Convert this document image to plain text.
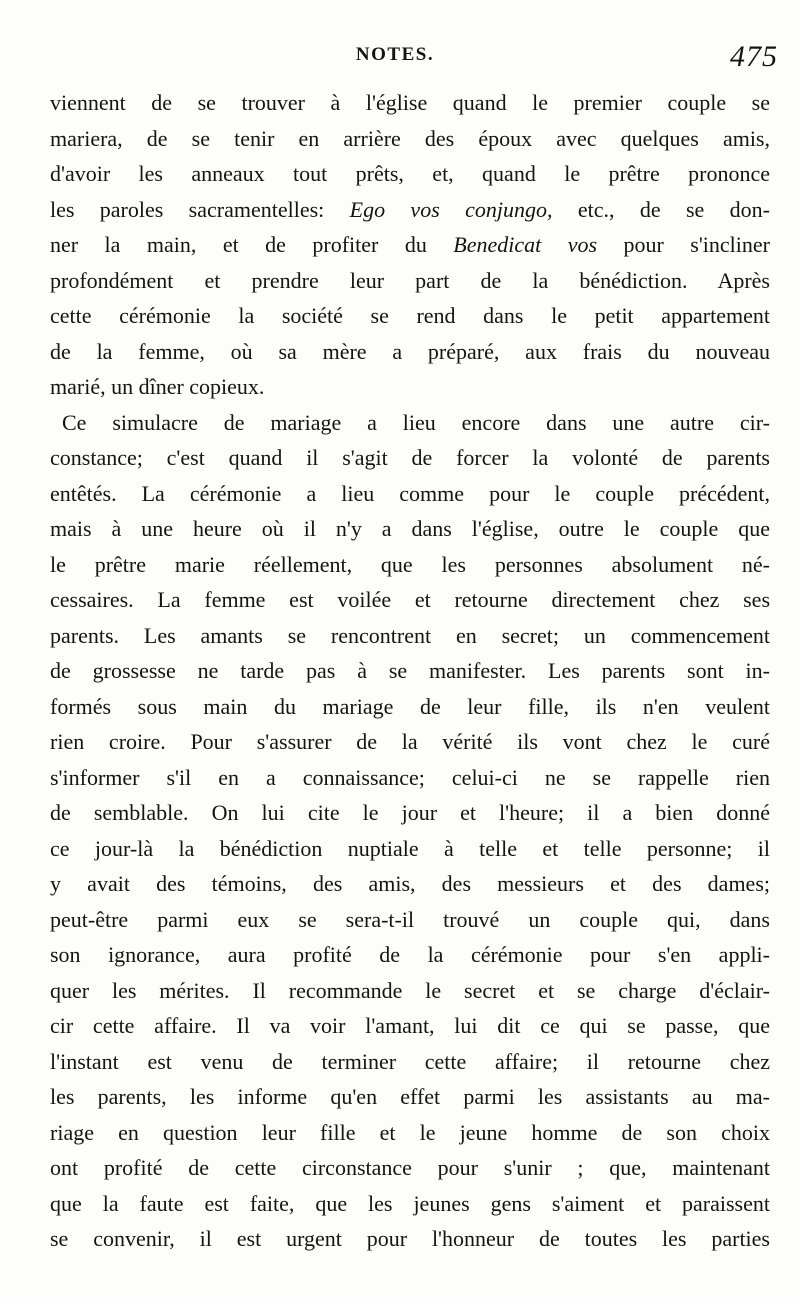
NOTES.	475
viennent de se trouver à l'église quand le premier couple se
mariera, de se tenir en arrière des époux avec quelques amis,
d'avoir les anneaux tout prêts, et, quand le prêtre prononce
les paroles sacramentelles: Ego vos conjungo, etc., de se don-
ner la main, et de profiter du Benedicat vos pour s'incliner
profondément et prendre leur part de la bénédiction. Après
cette cérémonie la société se rend dans le petit appartement
de la femme, où sa mère a préparé, aux frais du nouveau
marié, un dîner copieux.
Ce simulacre de mariage a lieu encore dans une autre cir-
constance; c'est quand il s'agit de forcer la volonté de parents
entêtés. La cérémonie a lieu comme pour le couple précédent,
mais à une heure où il n'y a dans l'église, outre le couple que
le prêtre marie réellement, que les personnes absolument né-
cessaires. La femme est voilée et retourne directement chez ses
parents. Les amants se rencontrent en secret; un commencement
de grossesse ne tarde pas à se manifester. Les parents sont in-
formés sous main du mariage de leur fille, ils n'en veulent
rien croire. Pour s'assurer de la vérité ils vont chez le curé
s'informer s'il en a connaissance; celui-ci ne se rappelle rien
de semblable. On lui cite le jour et l'heure; il a bien donné
ce jour-là la bénédiction nuptiale à telle et telle personne; il
y avait des témoins, des amis, des messieurs et des dames;
peut-être parmi eux se sera-t-il trouvé un couple qui, dans
son ignorance, aura profité de la cérémonie pour s'en appli-
quer les mérites. Il recommande le secret et se charge d'éclair-
cir cette affaire. Il va voir l'amant, lui dit ce qui se passe, que
l'instant est venu de terminer cette affaire; il retourne chez
les parents, les informe qu'en effet parmi les assistants au ma-
riage en question leur fille et le jeune homme de son choix
ont profité de cette circonstance pour s'unir ; que, maintenant
que la faute est faite, que les jeunes gens s'aiment et paraissent
se convenir, il est urgent pour l'honneur de toutes les parties
